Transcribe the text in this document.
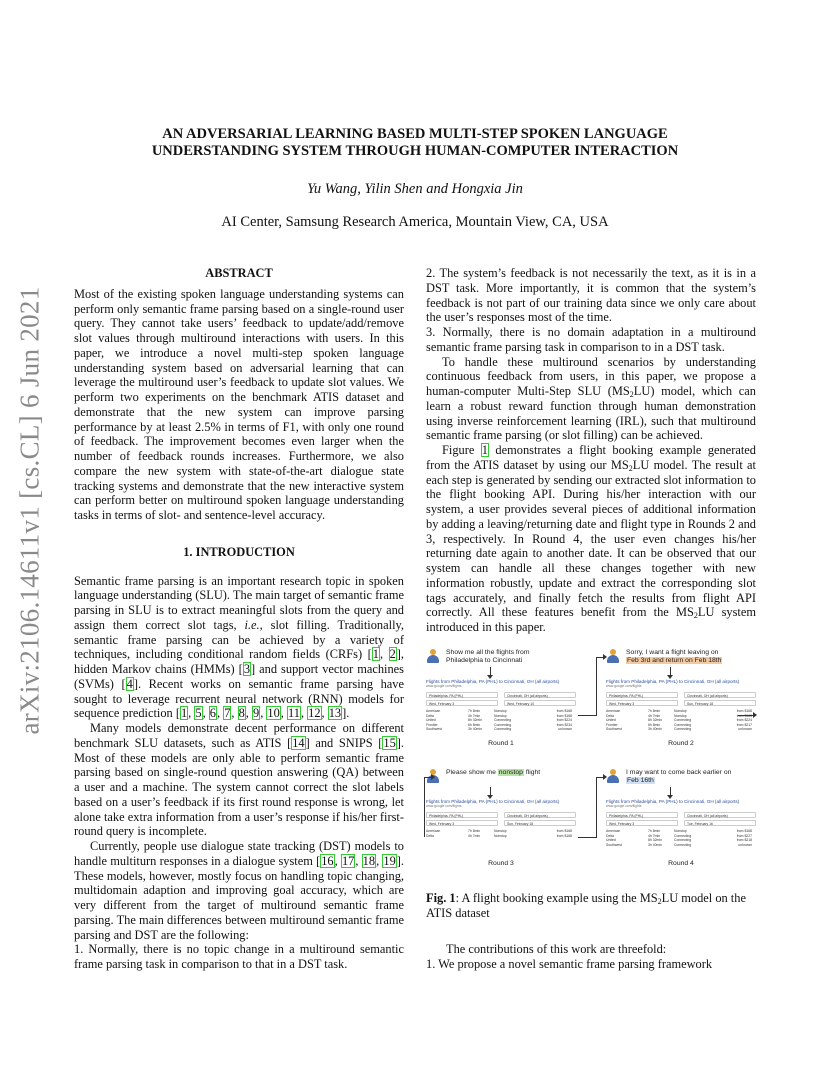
arXiv:2106.14611v1 [cs.CL] 6 Jun 2021
AN ADVERSARIAL LEARNING BASED MULTI-STEP SPOKEN LANGUAGE
UNDERSTANDING SYSTEM THROUGH HUMAN-COMPUTER INTERACTION
Yu Wang, Yilin Shen and Hongxia Jin
AI Center, Samsung Research America, Mountain View, CA, USA
ABSTRACT

Most of the existing spoken language understanding systems can perform only semantic frame parsing based on a single-round user query. They cannot take users’ feedback to update/add/remove slot values through multiround interactions with users. In this paper, we introduce a novel multi-step spoken language understanding system based on adversarial learning that can leverage the multiround user’s feedback to update slot values. We perform two experiments on the benchmark ATIS dataset and demonstrate that the new system can improve parsing performance by at least 2.5% in terms of F1, with only one round of feedback. The improvement becomes even larger when the number of feedback rounds increases. Furthermore, we also compare the new system with state-of-the-art dialogue state tracking systems and demonstrate that the new interactive system can perform better on multiround spoken language understanding tasks in terms of slot- and sentence-level accuracy.

1. INTRODUCTION

Semantic frame parsing is an important research topic in spoken language understanding (SLU). The main target of semantic frame parsing in SLU is to extract meaningful slots from the query and assign them correct slot tags, i.e., slot filling. Traditionally, semantic frame parsing can be achieved by a variety of techniques, including conditional random fields (CRFs) [1, 2], hidden Markov chains (HMMs) [3] and support vector machines (SVMs) [4]. Recent works on semantic frame parsing have sought to leverage recurrent neural network (RNN) models for sequence prediction [1, 5, 6, 7, 8, 9, 10, 11, 12, 13].

Many models demonstrate decent performance on different benchmark SLU datasets, such as ATIS [14] and SNIPS [15]. Most of these models are only able to perform semantic frame parsing based on single-round question answering (QA) between a user and a machine. The system cannot correct the slot labels based on a user’s feedback if its first round response is wrong, let alone take extra information from a user’s response if his/her first-round query is incomplete.

Currently, people use dialogue state tracking (DST) models to handle multiturn responses in a dialogue system [16, 17, 18, 19]. These models, however, mostly focus on handling topic changing, multidomain adaption and improving goal accuracy, which are very different from the target of multiround semantic frame parsing. The main differences between multiround semantic frame parsing and DST are the following:

1. Normally, there is no topic change in a multiround semantic frame parsing task in comparison to that in a DST task.

2. The system’s feedback is not necessarily the text, as it is in a DST task. More importantly, it is common that the system’s feedback is not part of our training data since we only care about the user’s responses most of the time.

3. Normally, there is no domain adaptation in a multiround semantic frame parsing task in comparison to in a DST task.

To handle these multiround scenarios by understanding continuous feedback from users, in this paper, we propose a human-computer Multi-Step SLU $(MS_2LU)$ model, which can learn a robust reward function through human demonstration using inverse reinforcement learning (IRL), such that multiround semantic frame parsing (or slot filling) can be achieved.

Figure 1 demonstrates a flight booking example generated from the ATIS dataset by using our $MS_2LU$ model. The result at each step is generated by sending our extracted slot information to the flight booking API. During his/her interaction with our system, a user provides several pieces of additional information by adding a leaving/returning date and flight type in Rounds 2 and 3, respectively. In Round 4, the user even changes his/her returning date again to another date. It can be observed that our system can handle all these changes together with new information robustly, update and extract the corresponding slot tags accurately, and finally fetch the results from flight API correctly. All these features benefit from the $MS_2LU$ system introduced in this paper.

Show me all the flights from
Philadelphia to Cincinnati
Flights from Philadelphia, PA (PHL) to Cincinnati, OH (all airports)
www.google.com/flights
Philadelphia, PA (PHL)	Cincinnati, OH (all airports)
Wed, February 3	Wed, February 10
American	7h 8min	Nonstop	from $168
Delta	4h 7min	Nonstop	from $168
United	8h 32min	Connecting	from $224
Frontier	6h 8min	Connecting	from $234
Southwest	3h 40min	Connecting	unknown
Round 1
Sorry, I want a flight leaving on
Feb 3rd and return on Feb 18th
Flights from Philadelphia, PA (PHL) to Cincinnati, OH (all airports)
www.google.com/flights
Philadelphia, PA (PHL)	Cincinnati, OH (all airports)
Wed, February 3	Sun, February 18
American	7h 8min	Nonstop	from $168
Delta	4h 7min	Nonstop
United	8h 32min	Connecting	from $224
Frontier	6h 8min	Connecting	from $217
Southwest	3h 40min	Connecting	unknown
Round 2
Please show me nonstop flight
Flights from Philadelphia, PA (PHL) to Cincinnati, OH (all airports)
www.google.com/flights
Philadelphia, PA (PHL)	Cincinnati, OH (all airports)
Wed, February 3	Sun, February 18
American	7h 8min	Nonstop	from $168
Delta	4h 7min	Nonstop	from $168
Round 3
I may want to come back earlier on
Feb 16th
Flights from Philadelphia, PA (PHL) to Cincinnati, OH (all airports)
www.google.com/flights
Philadelphia, PA (PHL)	Cincinnati, OH (all airports)
Wed, February 3	Tue, February 16
American	7h 8min	Nonstop	from $168
Delta	4h 7min	Connecting	from $227
United	8h 32min	Connecting	from $218
Southwest	3h 40min	Connecting	unknown
Round 4

Fig. 1: A flight booking example using the $MS_2LU$ model on the ATIS dataset

The contributions of this work are threefold:

1. We propose a novel semantic frame parsing framework
